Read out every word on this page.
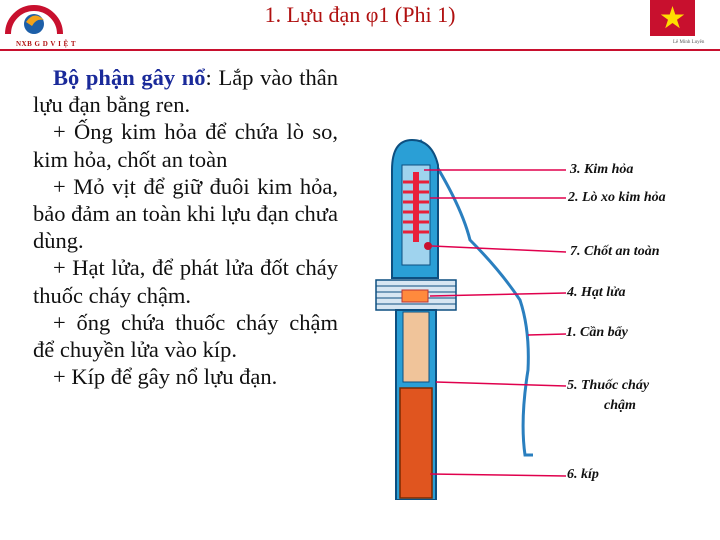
NXB G D V I Ệ T
1. Lựu đạn φ1 (Phi 1)
Lê Minh Luyên

Bộ phận gây nổ: Lắp vào thân lựu đạn bằng ren.

+ Ống kim hỏa để chứa lò so, kim hỏa, chốt an toàn

+ Mỏ vịt để giữ đuôi kim hỏa, bảo đảm an toàn khi lựu đạn chưa dùng.

+ Hạt lửa, để phát lửa đốt cháy thuốc cháy chậm.

+ ống chứa thuốc cháy chậm để chuyền lửa vào kíp.

+ Kíp để gây nổ lựu đạn.

3. Kim hỏa
2. Lò xo kim hỏa
7. Chốt an toàn
4. Hạt lửa
1. Cần bẩy
5. Thuốc cháy
chậm
6. kíp
